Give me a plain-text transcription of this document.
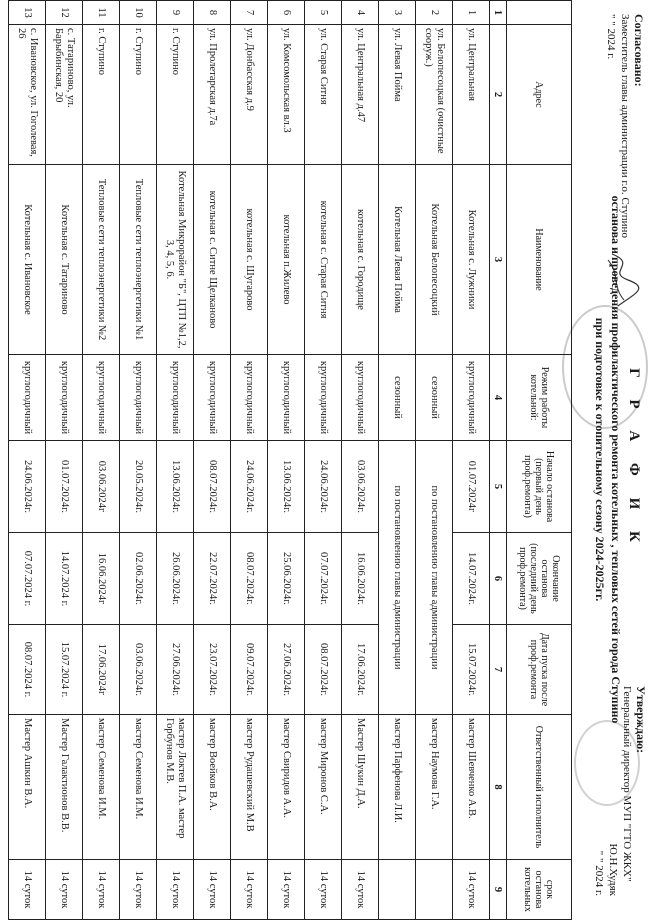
Согласовано:
Заместитель главы администрации г.о. Ступино
" " 2024 г.
Утверждаю:
Генеральный директор МУП "ГТО ЖКХ"
Ю.Н.Худяк
" " 2024 г.
Г Р А Ф И К
останова и проведения профилактического ремонта котельных , тепловых сетей города Ступино
при подготовке к отопительному сезону 2024-2025гг.
	Адрес	Наименование	Режим работы котельной:	Начало останова (первый день проф.ремонта)	Окончание останова (последний день проф.ремонта)	Дата пуска после проф.ремонта	Ответственный исполнитель	срок останова котельных
1	2	3	4	5	6	7	8	9
1	ул. Центральная	Котельная с. Лужники	круглогодичный	01.07.2024г	14.07.2024г.	15.07.2024г.	мастер Шевченко А.В.	14 суток
2	ул. Белопесоцкая (очистные сооруж.)	Котельная Белопесоцкий	сезонный	по постановлению главы администрации			мастер Наумова Г.А.	
3	ул. Левая Пойма	Котельная Левая Пойма	сезонный	по постановлению главы администрации			мастер Парфенова Л.И.	
4	ул. Центральная д.47	котельная с. Городище	круглогодичный	03.06.2024г.	16.06.2024г.	17.06.2024г.	Мастер Шукин Д.А.	14 суток
5	ул. Старая Ситня	котельная с. Старая Ситня	круглогодичный	24.06.2024г.	07.07.2024г.	08.07.2024г.	мастер Миронов С.А.	14 суток
6	ул. Комсомольская вл.3	котельная п.Жилево	круглогодичный	13.06.2024г.	25.06.2024г.	27.06.2024г.	мастер Свиридов А.А.	14 суток
7	ул. Донбасская д.9	котельная с. Шугарово	круглогодичный	24.06.2024г.	08.07.2024г.	09.07.2024г.	мастер Рудашевский М.В	14 суток
8	ул. Пролетарская д.7а	котельная с. Ситне Щелканово	круглогодичный	08.07.2024г.	22.07.2024г.	23.07.2024г.	мастер Воейков В.А.	14 суток
9	г. Ступино	Котельная Микрорайон "Б", ЦТП №1,2, 3, 4, 5, 6.	круглогодичный	13.06.2024г.	26.06.2024г.	27.06.2024г.	мастер Локтев П.А. мастер Горбунов М.В.	14 суток
10	г. Ступино	Тепловые сети теплоэнергетики №1	круглогодичный	20.05.2024г.	02.06.2024г.	03.06.2024г.	мастер Семенова И.М.	14 суток
11	г. Ступино	Тепловые сети теплоэнергетики №2	круглогодичный	03.06.2024г	16.06.2024г	17.06.2024г	мастер Семенова И.М.	14 суток
12	с. Татариново, ул. Барыбинская, 20	Котельная с. Татариново	круглогодичный	01.07.2024г.	14.07.2024 г.	15.07.2024 г.	Мастер Галактионов В.В.	14 суток
13	с. Ивановское, ул. Гоголевая, 26	Котельная с. Ивановское	круглогодичный	24.06.2024г.	07.07.2024 г.	08.07.2024 г.	Мастер Ашкин В.А.	14 суток
